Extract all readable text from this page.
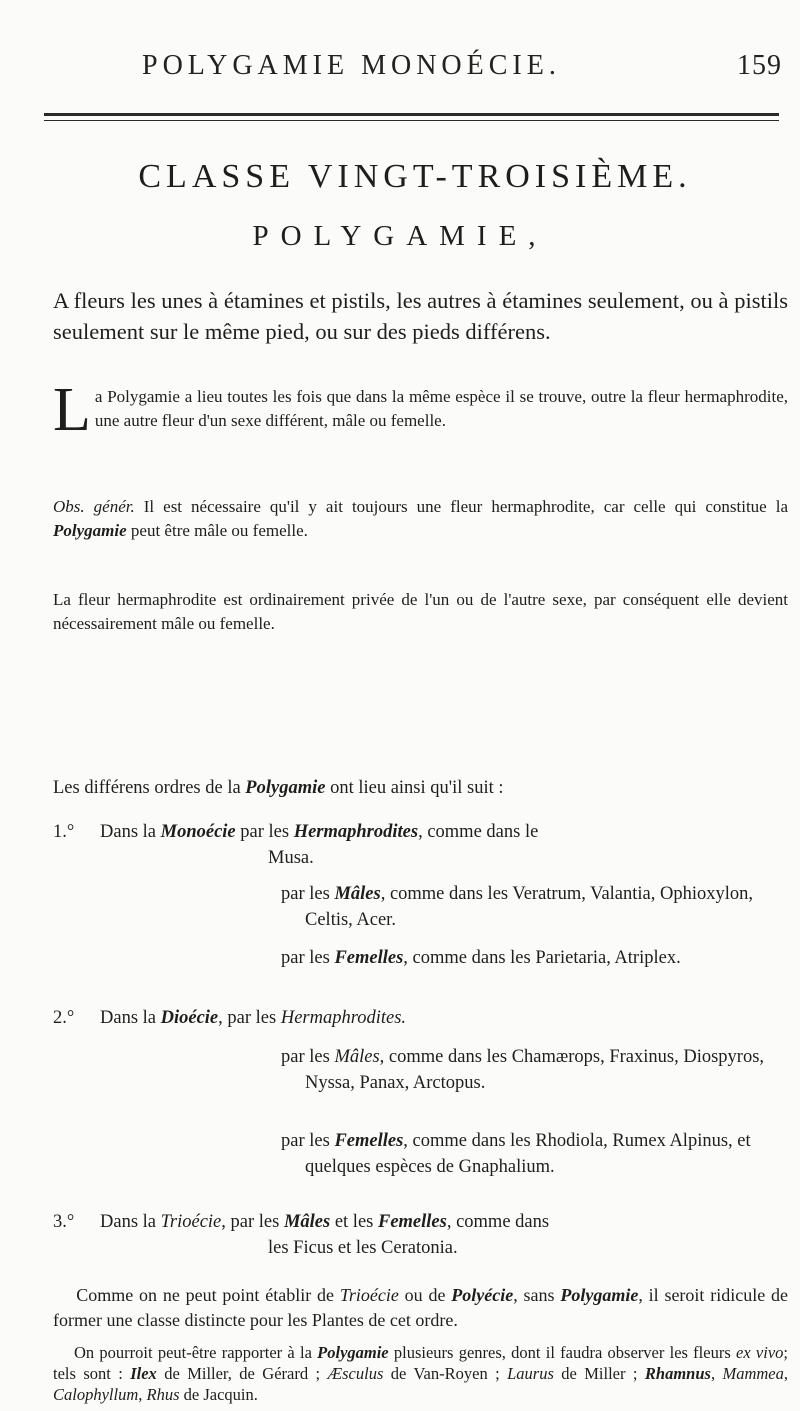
POLYGAMIE MONOÉCIE.	159
CLASSE VINGT-TROISIÈME.
POLYGAMIE,
A fleurs les unes à étamines et pistils, les autres à étamines seulement, ou à pistils seulement sur le même pied, ou sur des pieds différens.
La Polygamie a lieu toutes les fois que dans la même espèce il se trouve, outre la fleur hermaphrodite, une autre fleur d'un sexe différent, mâle ou femelle.
Obs. génér. Il est nécessaire qu'il y ait toujours une fleur hermaphrodite, car celle qui constitue la Polygamie peut être mâle ou femelle.
La fleur hermaphrodite est ordinairement privée de l'un ou de l'autre sexe, par conséquent elle devient nécessairement mâle ou femelle.
Les différens ordres de la Polygamie ont lieu ainsi qu'il suit :
1.° Dans la Monoécie par les Hermaphrodites, comme dans le
Musa.
par les Mâles, comme dans les Veratrum, Valantia, Ophioxylon, Celtis, Acer.
par les Femelles, comme dans les Parietaria, Atriplex.
2.° Dans la Dioécie, par les Hermaphrodites.
par les Mâles, comme dans les Chamærops, Fraxinus, Diospyros, Nyssa, Panax, Arctopus.
par les Femelles, comme dans les Rhodiola, Rumex Alpinus, et quelques espèces de Gnaphalium.
3.° Dans la Trioécie, par les Mâles et les Femelles, comme dans
les Ficus et les Ceratonia.
Comme on ne peut point établir de Trioécie ou de Polyécie, sans Polygamie, il seroit ridicule de former une classe distincte pour les Plantes de cet ordre.
On pourroit peut-être rapporter à la Polygamie plusieurs genres, dont il faudra observer les fleurs ex vivo; tels sont : Ilex de Miller, de Gérard ; Æsculus de Van-Royen ; Laurus de Miller ; Rhamnus, Mammea, Calophyllum, Rhus de Jacquin.
